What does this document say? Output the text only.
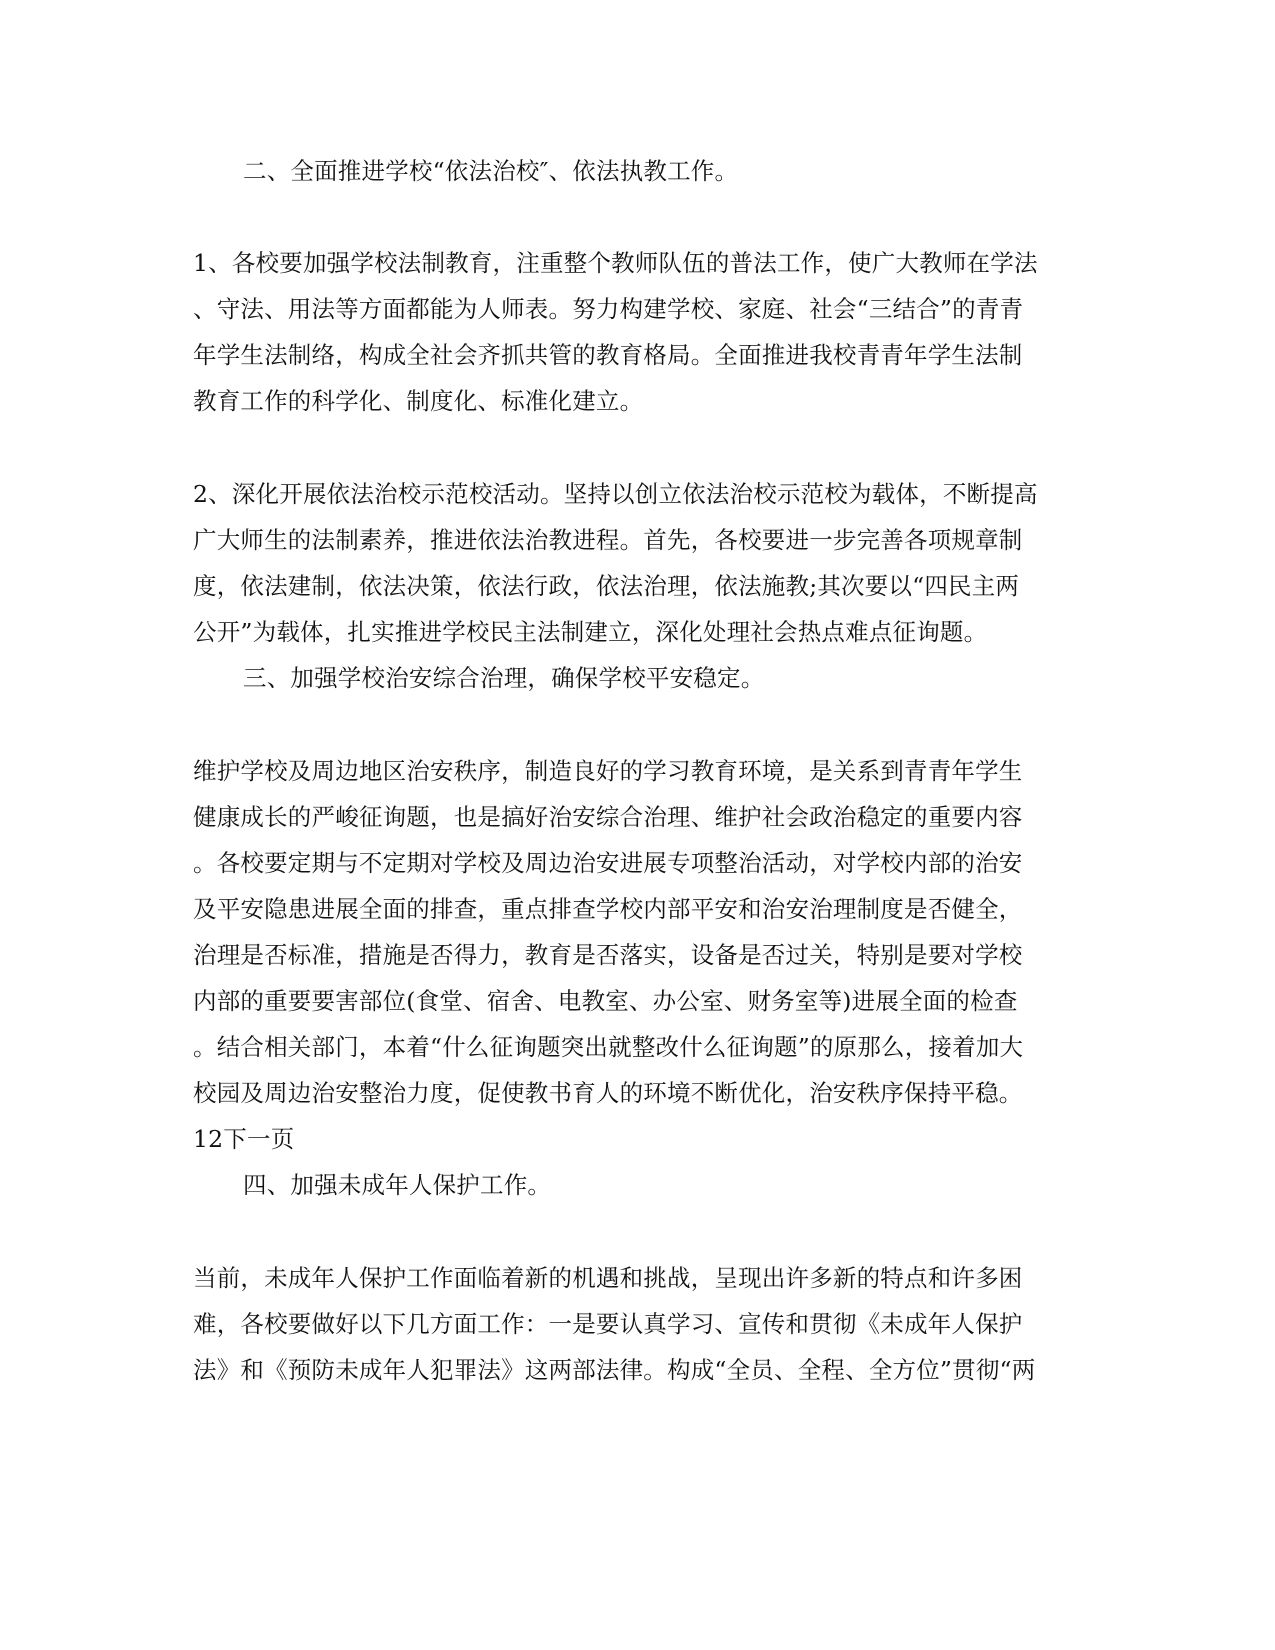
二、全面推进学校“依法治校″、依法执教工作。
1、各校要加强学校法制教育，注重整个教师队伍的普法工作，使广大教师在学法
、守法、用法等方面都能为人师表。努力构建学校、家庭、社会“三结合”的青青
年学生法制络，构成全社会齐抓共管的教育格局。全面推进我校青青年学生法制
教育工作的科学化、制度化、标准化建立。
2、深化开展依法治校示范校活动。坚持以创立依法治校示范校为载体，不断提高
广大师生的法制素养，推进依法治教进程。首先，各校要进一步完善各项规章制
度，依法建制，依法决策，依法行政，依法治理，依法施教;其次要以“四民主两
公开”为载体，扎实推进学校民主法制建立，深化处理社会热点难点征询题。
三、加强学校治安综合治理，确保学校平安稳定。
维护学校及周边地区治安秩序，制造良好的学习教育环境，是关系到青青年学生
健康成长的严峻征询题，也是搞好治安综合治理、维护社会政治稳定的重要内容
。各校要定期与不定期对学校及周边治安进展专项整治活动，对学校内部的治安
及平安隐患进展全面的排查，重点排查学校内部平安和治安治理制度是否健全，
治理是否标准，措施是否得力，教育是否落实，设备是否过关，特别是要对学校
内部的重要要害部位(食堂、宿舍、电教室、办公室、财务室等)进展全面的检查
。结合相关部门，本着“什么征询题突出就整改什么征询题”的原那么，接着加大
校园及周边治安整治力度，促使教书育人的环境不断优化，治安秩序保持平稳。
12下一页
四、加强未成年人保护工作。
当前，未成年人保护工作面临着新的机遇和挑战，呈现出许多新的特点和许多困
难，各校要做好以下几方面工作：一是要认真学习、宣传和贯彻《未成年人保护
法》和《预防未成年人犯罪法》这两部法律。构成“全员、全程、全方位”贯彻“两
